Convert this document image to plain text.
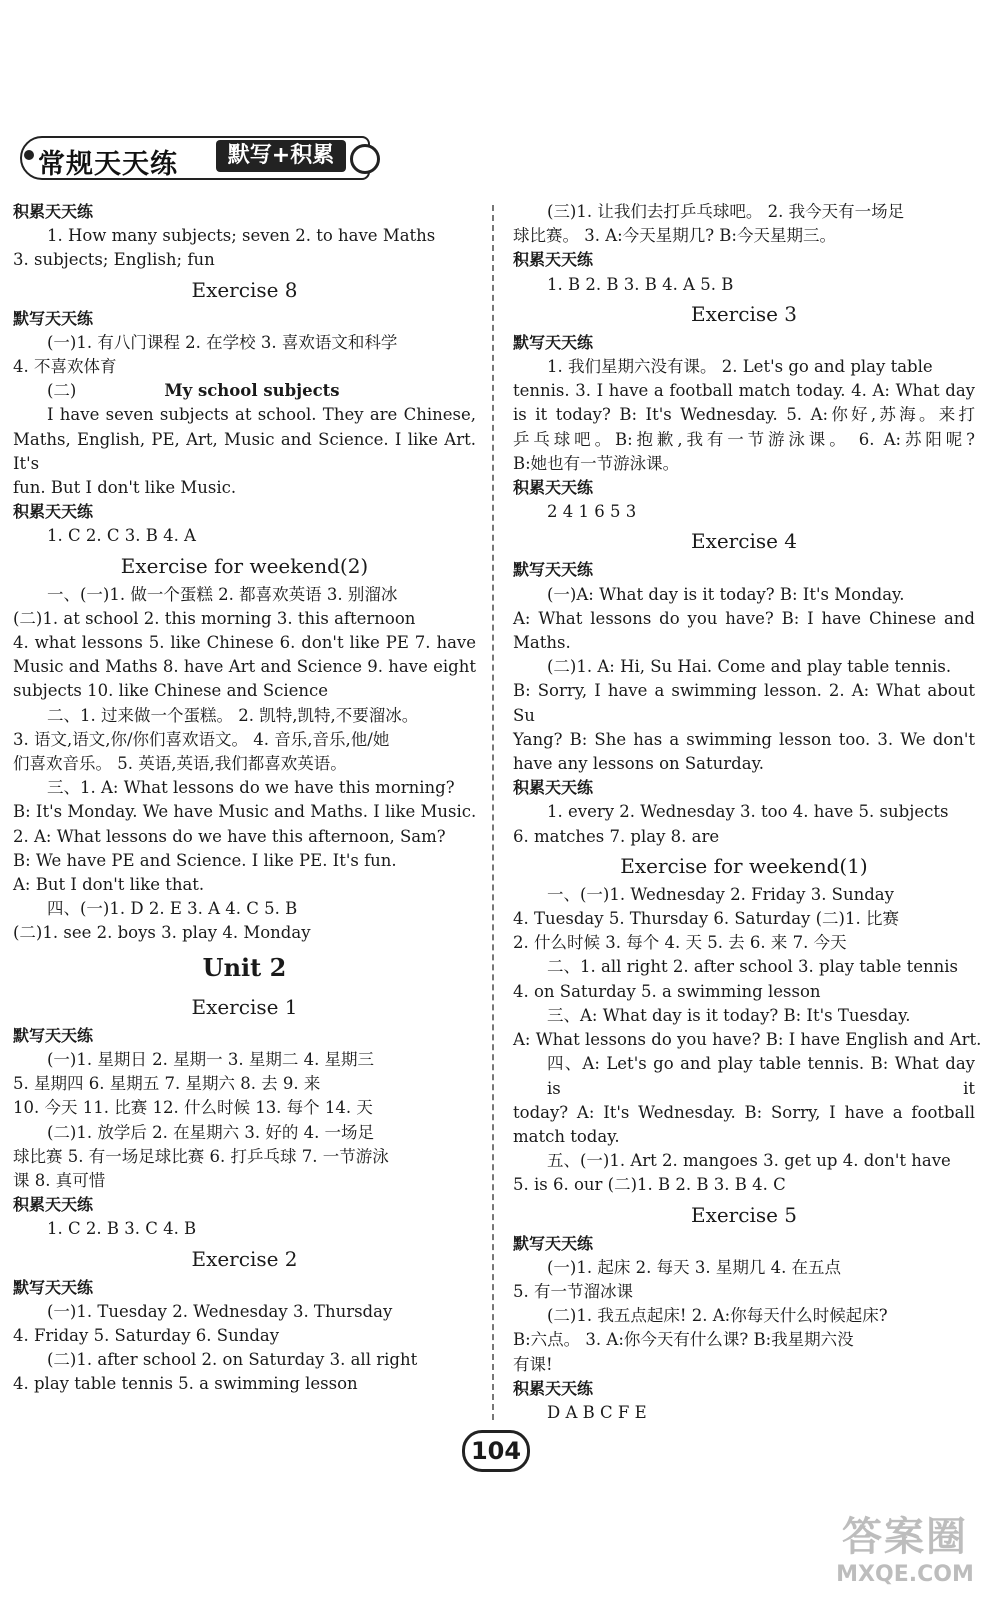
常规天天练	默写+积累

积累天天练

1. How many subjects; seven 2. to have Maths

3. subjects; English; fun

Exercise 8

默写天天练

(一)1. 有八门课程 2. 在学校 3. 喜欢语文和科学

4. 不喜欢体育

(二)	My school subjects

I have seven subjects at school. They are Chinese,

Maths, English, PE, Art, Music and Science. I like Art. It's

fun. But I don't like Music.

积累天天练

1. C 2. C 3. B 4. A

Exercise for weekend(2)

一、(一)1. 做一个蛋糕 2. 都喜欢英语 3. 别溜冰

(二)1. at school 2. this morning 3. this afternoon

4. what lessons 5. like Chinese 6. don't like PE 7. have

Music and Maths 8. have Art and Science 9. have eight

subjects 10. like Chinese and Science

二、1. 过来做一个蛋糕。 2. 凯特,凯特,不要溜冰。

3. 语文,语文,你/你们喜欢语文。 4. 音乐,音乐,他/她

们喜欢音乐。 5. 英语,英语,我们都喜欢英语。

三、1. A: What lessons do we have this morning?

B: It's Monday. We have Music and Maths. I like Music.

2. A: What lessons do we have this afternoon, Sam?

B: We have PE and Science. I like PE. It's fun.

A: But I don't like that.

四、(一)1. D 2. E 3. A 4. C 5. B

(二)1. see 2. boys 3. play 4. Monday

Unit 2

Exercise 1

默写天天练

(一)1. 星期日 2. 星期一 3. 星期二 4. 星期三

5. 星期四 6. 星期五 7. 星期六 8. 去 9. 来

10. 今天 11. 比赛 12. 什么时候 13. 每个 14. 天

(二)1. 放学后 2. 在星期六 3. 好的 4. 一场足

球比赛 5. 有一场足球比赛 6. 打乒乓球 7. 一节游泳

课 8. 真可惜

积累天天练

1. C 2. B 3. C 4. B

Exercise 2

默写天天练

(一)1. Tuesday 2. Wednesday 3. Thursday

4. Friday 5. Saturday 6. Sunday

(二)1. after school 2. on Saturday 3. all right

4. play table tennis 5. a swimming lesson

(三)1. 让我们去打乒乓球吧。 2. 我今天有一场足

球比赛。 3. A:今天星期几? B:今天星期三。

积累天天练

1. B 2. B 3. B 4. A 5. B

Exercise 3

默写天天练

1. 我们星期六没有课。 2. Let's go and play table

tennis. 3. I have a football match today. 4. A: What day

is it today? B: It's Wednesday. 5. A:你好,苏海。来打

乒乓球吧。B:抱歉,我有一节游泳课。 6. A:苏阳呢?

B:她也有一节游泳课。

积累天天练

2 4 1 6 5 3

Exercise 4

默写天天练

(一)A: What day is it today? B: It's Monday.

A: What lessons do you have? B: I have Chinese and

Maths.

(二)1. A: Hi, Su Hai. Come and play table tennis.

B: Sorry, I have a swimming lesson. 2. A: What about Su

Yang? B: She has a swimming lesson too. 3. We don't

have any lessons on Saturday.

积累天天练

1. every 2. Wednesday 3. too 4. have 5. subjects

6. matches 7. play 8. are

Exercise for weekend(1)

一、(一)1. Wednesday 2. Friday 3. Sunday

4. Tuesday 5. Thursday 6. Saturday (二)1. 比赛

2. 什么时候 3. 每个 4. 天 5. 去 6. 来 7. 今天

二、1. all right 2. after school 3. play table tennis

4. on Saturday 5. a swimming lesson

三、A: What day is it today? B: It's Tuesday.

A: What lessons do you have? B: I have English and Art.

四、A: Let's go and play table tennis. B: What day is it

today? A: It's Wednesday. B: Sorry, I have a football

match today.

五、(一)1. Art 2. mangoes 3. get up 4. don't have

5. is 6. our (二)1. B 2. B 3. B 4. C

Exercise 5

默写天天练

(一)1. 起床 2. 每天 3. 星期几 4. 在五点

5. 有一节溜冰课

(二)1. 我五点起床! 2. A:你每天什么时候起床?

B:六点。 3. A:你今天有什么课? B:我星期六没

有课!

积累天天练

D A B C F E

104
答案圈
MXQE.COM
